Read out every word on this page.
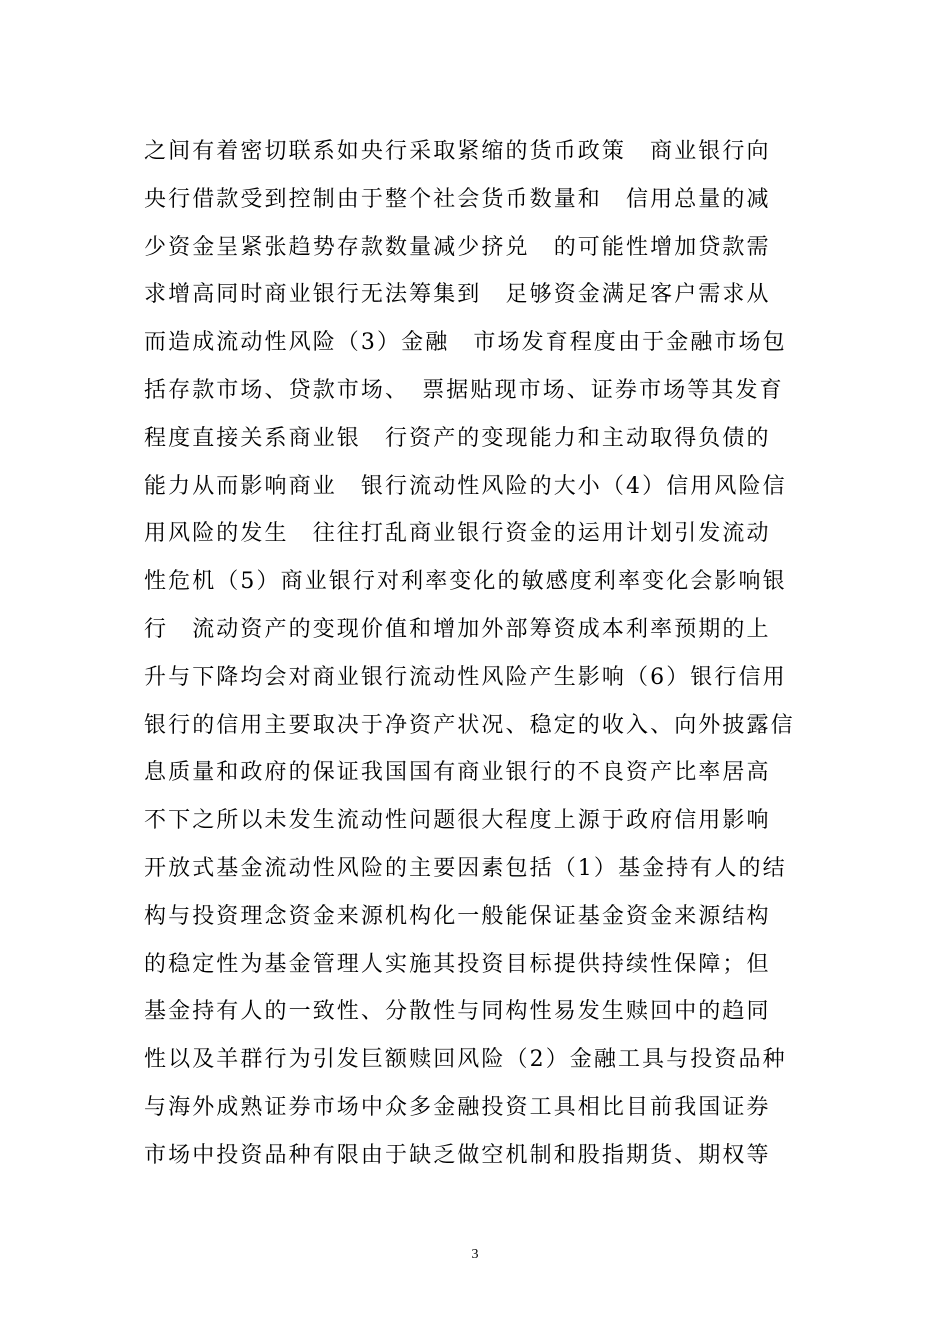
之间有着密切联系如央行采取紧缩的货币政策　商业银行向
央行借款受到控制由于整个社会货币数量和　信用总量的减
少资金呈紧张趋势存款数量减少挤兑　的可能性增加贷款需
求增高同时商业银行无法筹集到　足够资金满足客户需求从
而造成流动性风险（3）金融　市场发育程度由于金融市场包
括存款市场、贷款市场、　票据贴现市场、证券市场等其发育
程度直接关系商业银　行资产的变现能力和主动取得负债的
能力从而影响商业　银行流动性风险的大小（4）信用风险信
用风险的发生　往往打乱商业银行资金的运用计划引发流动
性危机（5）商业银行对利率变化的敏感度利率变化会影响银
行　流动资产的变现价值和增加外部筹资成本利率预期的上
升与下降均会对商业银行流动性风险产生影响（6）银行信用
银行的信用主要取决于净资产状况、稳定的收入、向外披露信
息质量和政府的保证我国国有商业银行的不良资产比率居高
不下之所以未发生流动性问题很大程度上源于政府信用影响
开放式基金流动性风险的主要因素包括（1）基金持有人的结
构与投资理念资金来源机构化一般能保证基金资金来源结构
的稳定性为基金管理人实施其投资目标提供持续性保障；但
基金持有人的一致性、分散性与同构性易发生赎回中的趋同
性以及羊群行为引发巨额赎回风险（2）金融工具与投资品种
与海外成熟证券市场中众多金融投资工具相比目前我国证券
市场中投资品种有限由于缺乏做空机制和股指期货、期权等
3
